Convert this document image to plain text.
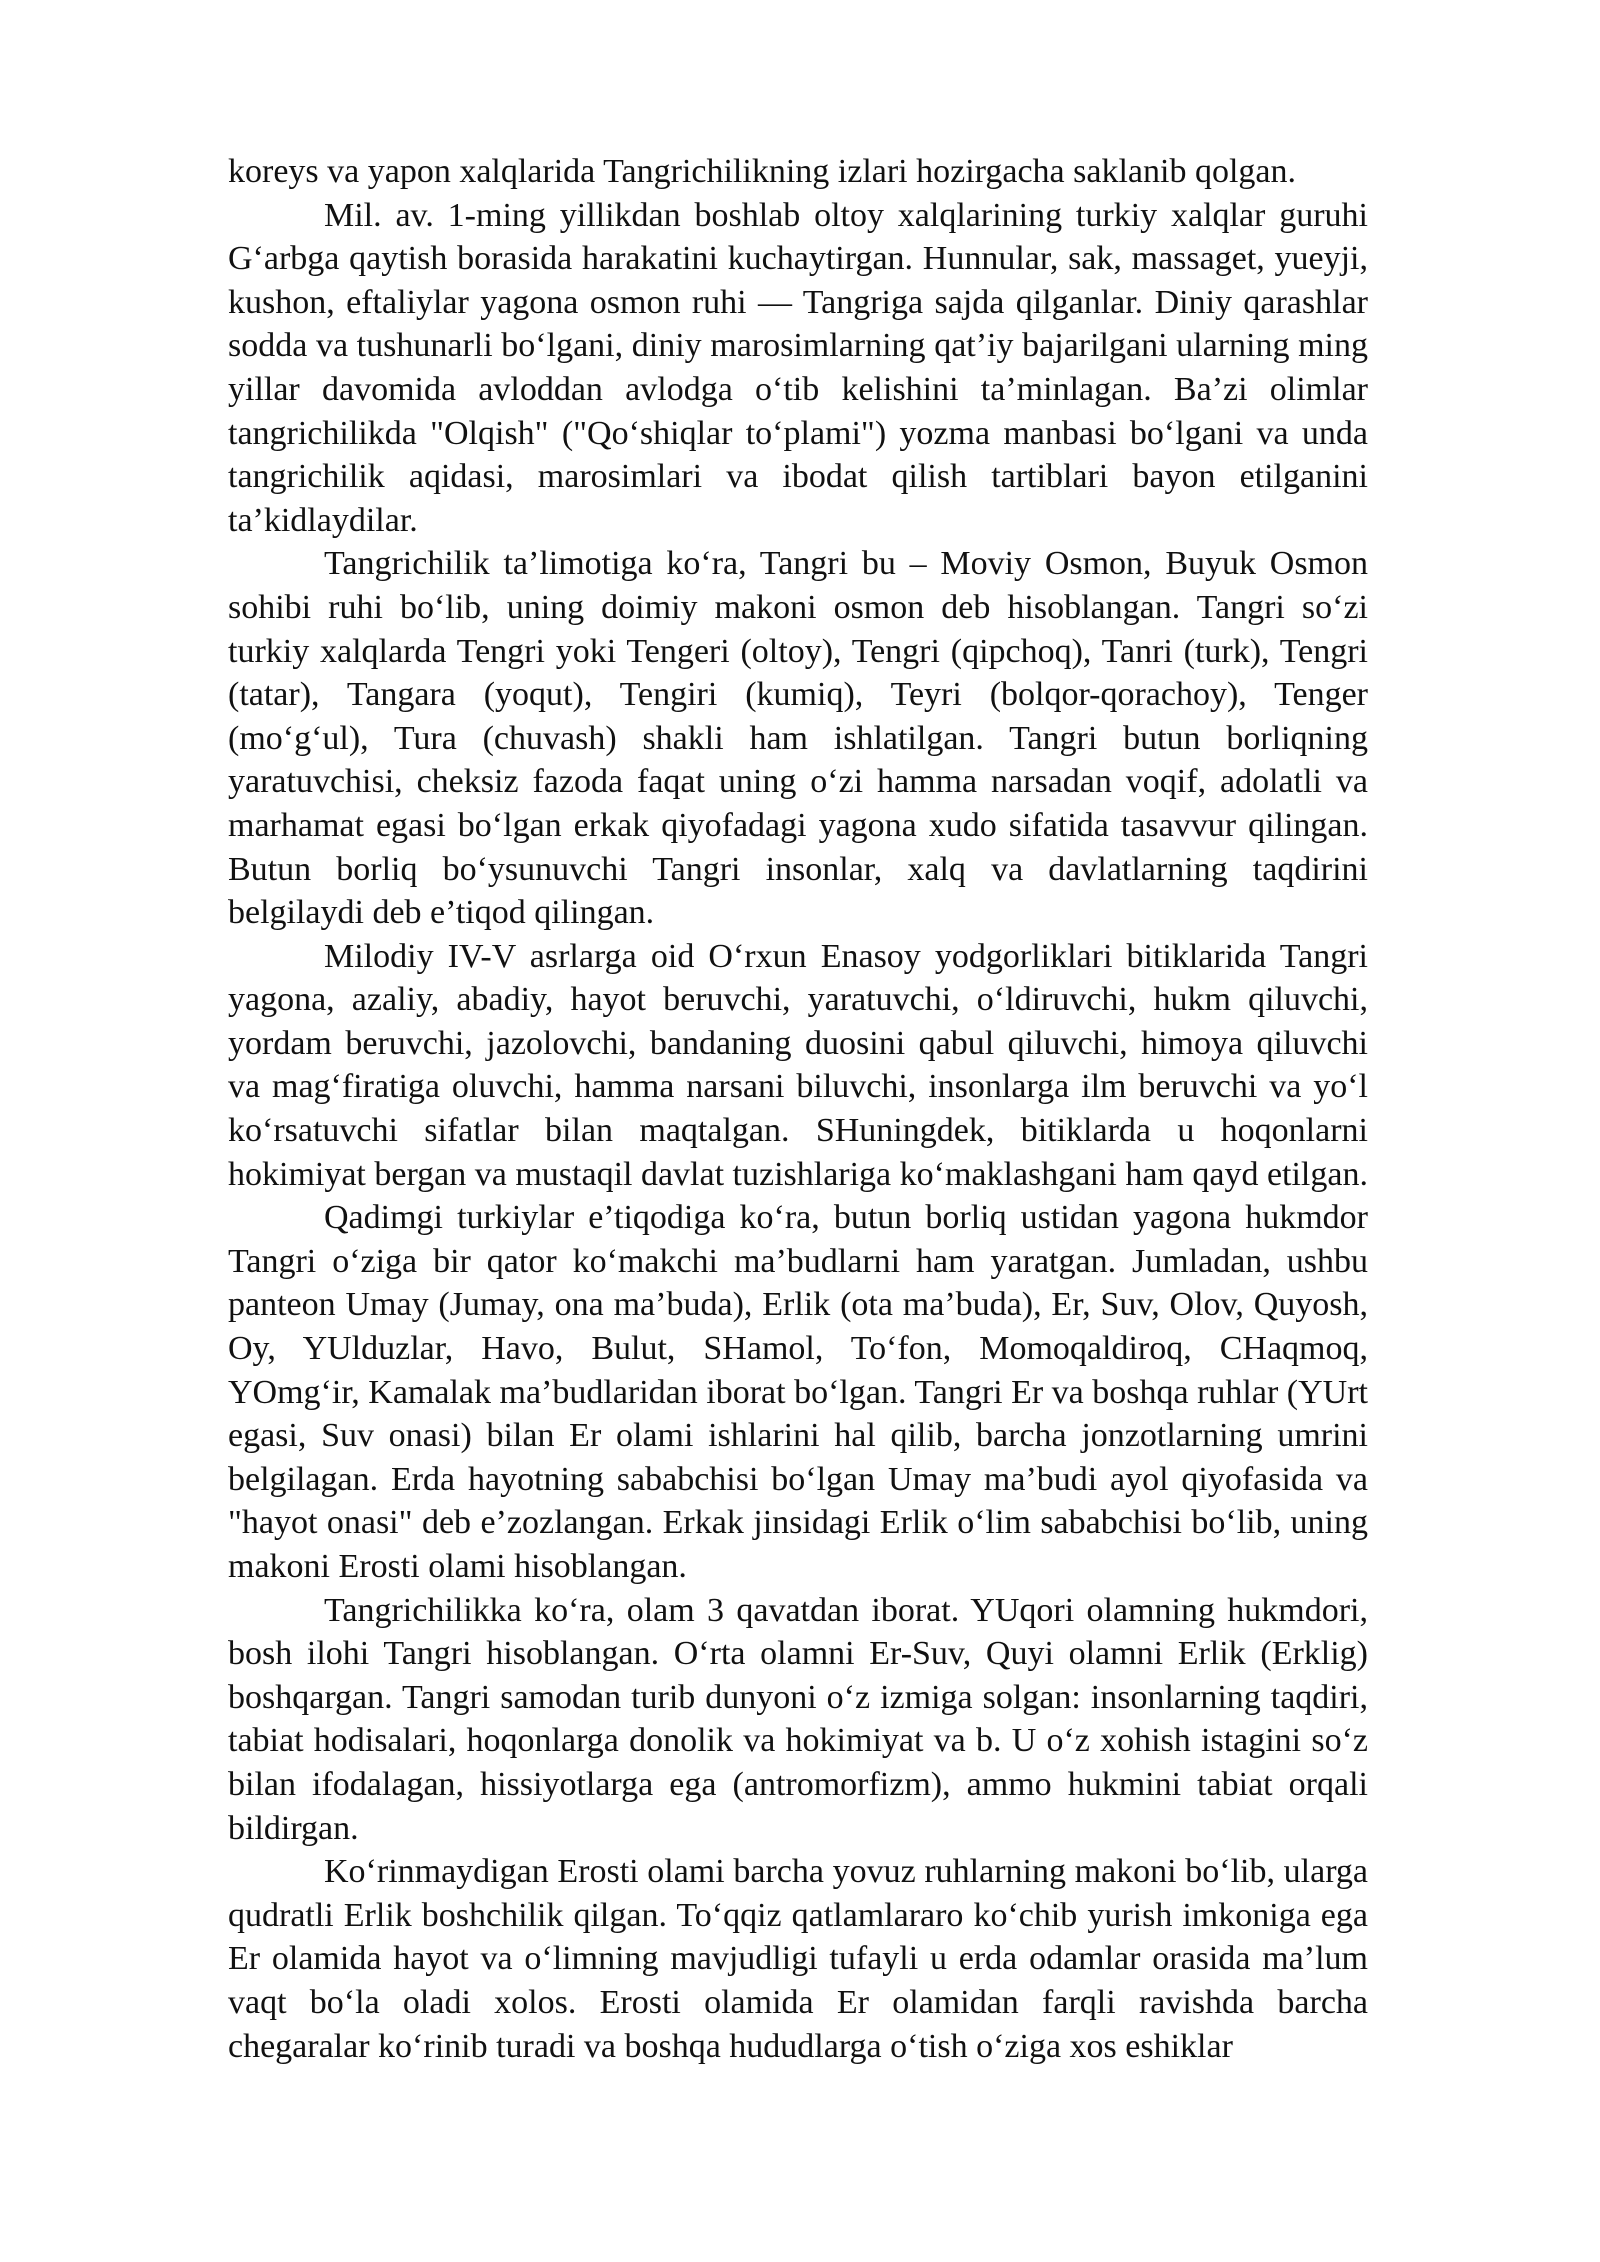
koreys va yapon xalqlarida Tangrichilikning izlari hozirgacha saklanib qolgan.

Mil. av. 1-ming yillikdan boshlab oltoy xalqlarining turkiy xalqlar guruhi G‘arbga qaytish borasida harakatini kuchaytirgan. Hunnular, sak, massaget, yueyji, kushon, eftaliylar yagona osmon ruhi — Tangriga sajda qilganlar. Diniy qarashlar sodda va tushunarli bo‘lgani, diniy marosimlarning qat’iy bajarilgani ularning ming yillar davomida avloddan avlodga o‘tib kelishini ta’minlagan. Ba’zi olimlar tangrichilikda "Olqish" ("Qo‘shiqlar to‘plami") yozma manbasi bo‘lgani va unda tangrichilik aqidasi, marosimlari va ibodat qilish tartiblari bayon etilganini ta’kidlaydilar.

Tangrichilik ta’limotiga ko‘ra, Tangri bu – Moviy Osmon, Buyuk Osmon sohibi ruhi bo‘lib, uning doimiy makoni osmon deb hisoblangan. Tangri so‘zi turkiy xalqlarda Tengri yoki Tengeri (oltoy), Tengri (qipchoq), Tanri (turk), Tengri (tatar), Tangara (yoqut), Tengiri (kumiq), Teyri (bolqor-qorachoy), Tenger (mo‘g‘ul), Tura (chuvash) shakli ham ishlatilgan. Tangri butun borliqning yaratuvchisi, cheksiz fazoda faqat uning o‘zi hamma narsadan voqif, adolatli va marhamat egasi bo‘lgan erkak qiyofadagi yagona xudo sifatida tasavvur qilingan. Butun borliq bo‘ysunuvchi Tangri insonlar, xalq va davlatlarning taqdirini belgilaydi deb e’tiqod qilingan.

Milodiy IV-V asrlarga oid O‘rxun Enasoy yodgorliklari bitiklarida Tangri yagona, azaliy, abadiy, hayot beruvchi, yaratuvchi, o‘ldiruvchi, hukm qiluvchi, yordam beruvchi, jazolovchi, bandaning duosini qabul qiluvchi, himoya qiluvchi va mag‘firatiga oluvchi, hamma narsani biluvchi, insonlarga ilm beruvchi va yo‘l ko‘rsatuvchi sifatlar bilan maqtalgan. SHuningdek, bitiklarda u hoqonlarni hokimiyat bergan va mustaqil davlat tuzishlariga ko‘maklashgani ham qayd etilgan.

Qadimgi turkiylar e’tiqodiga ko‘ra, butun borliq ustidan yagona hukmdor Tangri o‘ziga bir qator ko‘makchi ma’budlarni ham yaratgan. Jumladan, ushbu panteon Umay (Jumay, ona ma’buda), Erlik (ota ma’buda), Er, Suv, Olov, Quyosh, Oy, YUlduzlar, Havo, Bulut, SHamol, To‘fon, Momoqaldiroq, CHaqmoq, YOmg‘ir, Kamalak ma’budlaridan iborat bo‘lgan. Tangri Er va boshqa ruhlar (YUrt egasi, Suv onasi) bilan Er olami ishlarini hal qilib, barcha jonzotlarning umrini belgilagan. Erda hayotning sababchisi bo‘lgan Umay ma’budi ayol qiyofasida va "hayot onasi" deb e’zozlangan. Erkak jinsidagi Erlik o‘lim sababchisi bo‘lib, uning makoni Erosti olami hisoblangan.

Tangrichilikka ko‘ra, olam 3 qavatdan iborat. YUqori olamning hukmdori, bosh ilohi Tangri hisoblangan. O‘rta olamni Er-Suv, Quyi olamni Erlik (Erklig) boshqargan. Tangri samodan turib dunyoni o‘z izmiga solgan: insonlarning taqdiri, tabiat hodisalari, hoqonlarga donolik va hokimiyat va b. U o‘z xohish istagini so‘z bilan ifodalagan, hissiyotlarga ega (antromorfizm), ammo hukmini tabiat orqali bildirgan.

Ko‘rinmaydigan Erosti olami barcha yovuz ruhlarning makoni bo‘lib, ularga qudratli Erlik boshchilik qilgan. To‘qqiz qatlamlararo ko‘chib yurish imkoniga ega Er olamida hayot va o‘limning mavjudligi tufayli u erda odamlar orasida ma’lum vaqt bo‘la oladi xolos. Erosti olamida Er olamidan farqli ravishda barcha chegaralar ko‘rinib turadi va boshqa hududlarga o‘tish o‘ziga xos eshiklar
